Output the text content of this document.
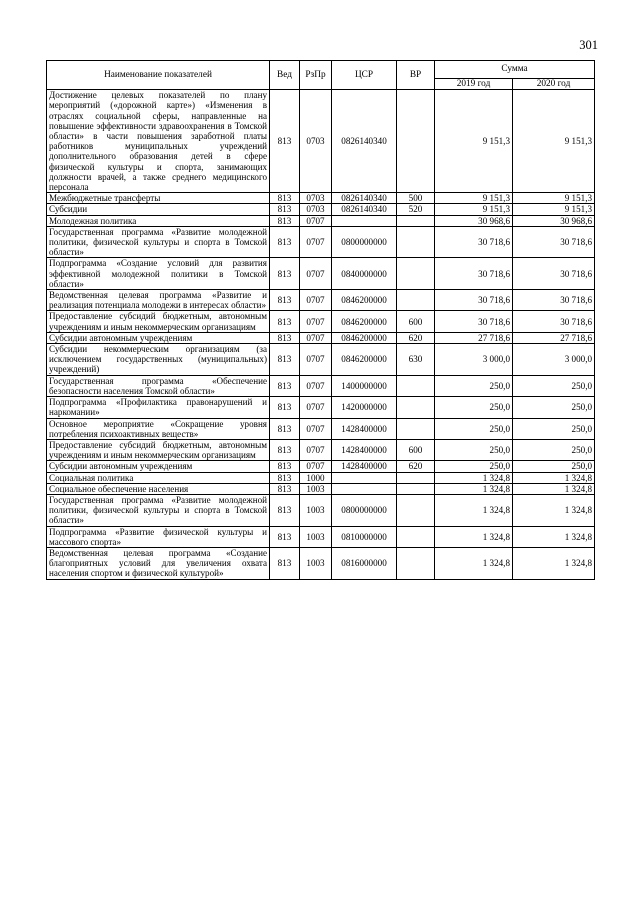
301
Наименование показателей	Вед	РзПр	ЦСР	ВР	Сумма	
					2019 год	2020 год
Достижение целевых показателей по плану мероприятий («дорожной карте») «Изменения в отраслях социальной сферы, направленные на повышение эффективности здравоохранения в Томской области» в части повышения заработной платы работников муниципальных учреждений дополнительного образования детей в сфере физической культуры и спорта, занимающих должности врачей, а также среднего медицинского персонала	813	0703	0826140340		9 151,3	9 151,3
Межбюджетные трансферты	813	0703	0826140340	500	9 151,3	9 151,3
Субсидии	813	0703	0826140340	520	9 151,3	9 151,3
Молодежная политика	813	0707			30 968,6	30 968,6
Государственная программа «Развитие молодежной политики, физической культуры и спорта в Томской области»	813	0707	0800000000		30 718,6	30 718,6
Подпрограмма «Создание условий для развития эффективной молодежной политики в Томской области»	813	0707	0840000000		30 718,6	30 718,6
Ведомственная целевая программа «Развитие и реализация потенциала молодежи в интересах области»	813	0707	0846200000		30 718,6	30 718,6
Предоставление субсидий бюджетным, автономным учреждениям и иным некоммерческим организациям	813	0707	0846200000	600	30 718,6	30 718,6
Субсидии автономным учреждениям	813	0707	0846200000	620	27 718,6	27 718,6
Субсидии некоммерческим организациям (за исключением государственных (муниципальных) учреждений)	813	0707	0846200000	630	3 000,0	3 000,0
Государственная программа «Обеспечение безопасности населения Томской области»	813	0707	1400000000		250,0	250,0
Подпрограмма «Профилактика правонарушений и наркомании»	813	0707	1420000000		250,0	250,0
Основное мероприятие «Сокращение уровня потребления психоактивных веществ»	813	0707	1428400000		250,0	250,0
Предоставление субсидий бюджетным, автономным учреждениям и иным некоммерческим организациям	813	0707	1428400000	600	250,0	250,0
Субсидии автономным учреждениям	813	0707	1428400000	620	250,0	250,0
Социальная политика	813	1000			1 324,8	1 324,8
Социальное обеспечение населения	813	1003			1 324,8	1 324,8
Государственная программа «Развитие молодежной политики, физической культуры и спорта в Томской области»	813	1003	0800000000		1 324,8	1 324,8
Подпрограмма «Развитие физической культуры и массового спорта»	813	1003	0810000000		1 324,8	1 324,8
Ведомственная целевая программа «Создание благоприятных условий для увеличения охвата населения спортом и физической культурой»	813	1003	0816000000		1 324,8	1 324,8
